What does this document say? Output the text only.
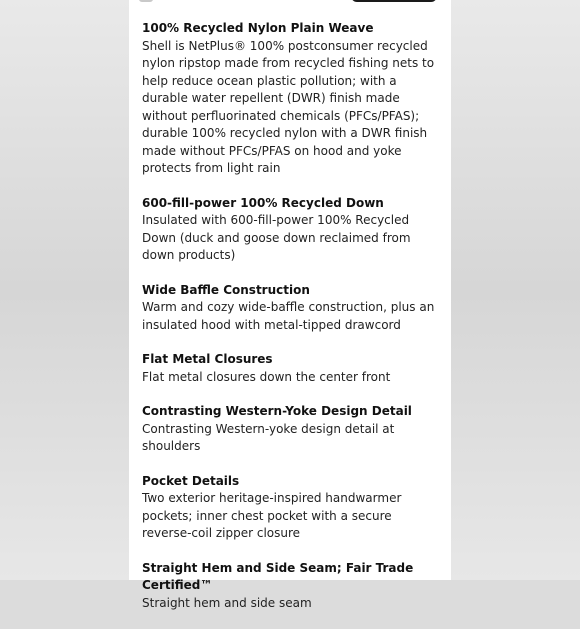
100% Recycled Nylon Plain Weave
Shell is NetPlus® 100% postconsumer recycled nylon ripstop made from recycled fishing nets to help reduce ocean plastic pollution; with a durable water repellent (DWR) finish made without perfluorinated chemicals (PFCs/PFAS); durable 100% recycled nylon with a DWR finish made without PFCs/PFAS on hood and yoke protects from light rain
600-fill-power 100% Recycled Down
Insulated with 600-fill-power 100% Recycled Down (duck and goose down reclaimed from down products)
Wide Baffle Construction
Warm and cozy wide-baffle construction, plus an insulated hood with metal-tipped drawcord
Flat Metal Closures
Flat metal closures down the center front
Contrasting Western-Yoke Design Detail
Contrasting Western-yoke design detail at shoulders
Pocket Details
Two exterior heritage-inspired handwarmer pockets; inner chest pocket with a secure reverse-coil zipper closure
Straight Hem and Side Seam; Fair Trade Certified™
Straight hem and side seam
